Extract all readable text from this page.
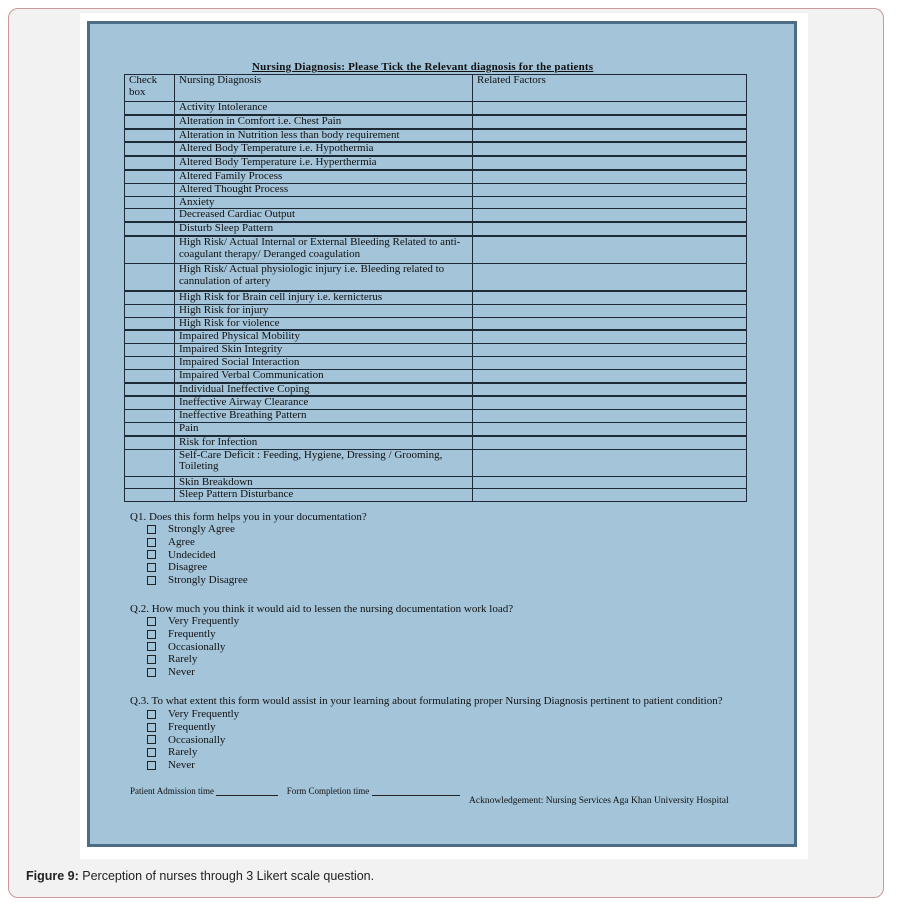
Nursing Diagnosis: Please Tick the Relevant diagnosis for the patients
Check box	Nursing Diagnosis	Related Factors
	Activity Intolerance	
	Alteration in Comfort i.e. Chest Pain	
	Alteration in Nutrition less than body requirement	
	Altered Body Temperature i.e. Hypothermia	
	Altered Body Temperature i.e. Hyperthermia	
	Altered Family Process	
	Altered Thought Process	
	Anxiety	
	Decreased Cardiac Output	
	Disturb Sleep Pattern	
	High Risk/ Actual Internal or External Bleeding Related to anti-coagulant therapy/ Deranged coagulation	
	High Risk/ Actual physiologic injury i.e. Bleeding related to cannulation of artery	
	High Risk for Brain cell injury i.e. kernicterus	
	High Risk for injury	
	High Risk for violence	
	Impaired Physical Mobility	
	Impaired Skin Integrity	
	Impaired Social Interaction	
	Impaired Verbal Communication	
	Individual Ineffective Coping	
	Ineffective Airway Clearance	
	Ineffective Breathing Pattern	
	Pain	
	Risk for Infection	
	Self-Care Deficit : Feeding, Hygiene, Dressing / Grooming, Toileting	
	Skin Breakdown	
	Sleep Pattern Disturbance	
Q1. Does this form helps you in your documentation?
Strongly Agree
Agree
Undecided
Disagree
Strongly Disagree
Q.2. How much you think it would aid to lessen the nursing documentation work load?
Very Frequently
Frequently
Occasionally
Rarely
Never
Q.3. To what extent this form would assist in your learning about formulating proper Nursing Diagnosis pertinent to patient condition?
Very Frequently
Frequently
Occasionally
Rarely
Never
Patient Admission time	Form Completion time
Acknowledgement: Nursing Services Aga Khan University Hospital
Figure 9: Perception of nurses through 3 Likert scale question.
